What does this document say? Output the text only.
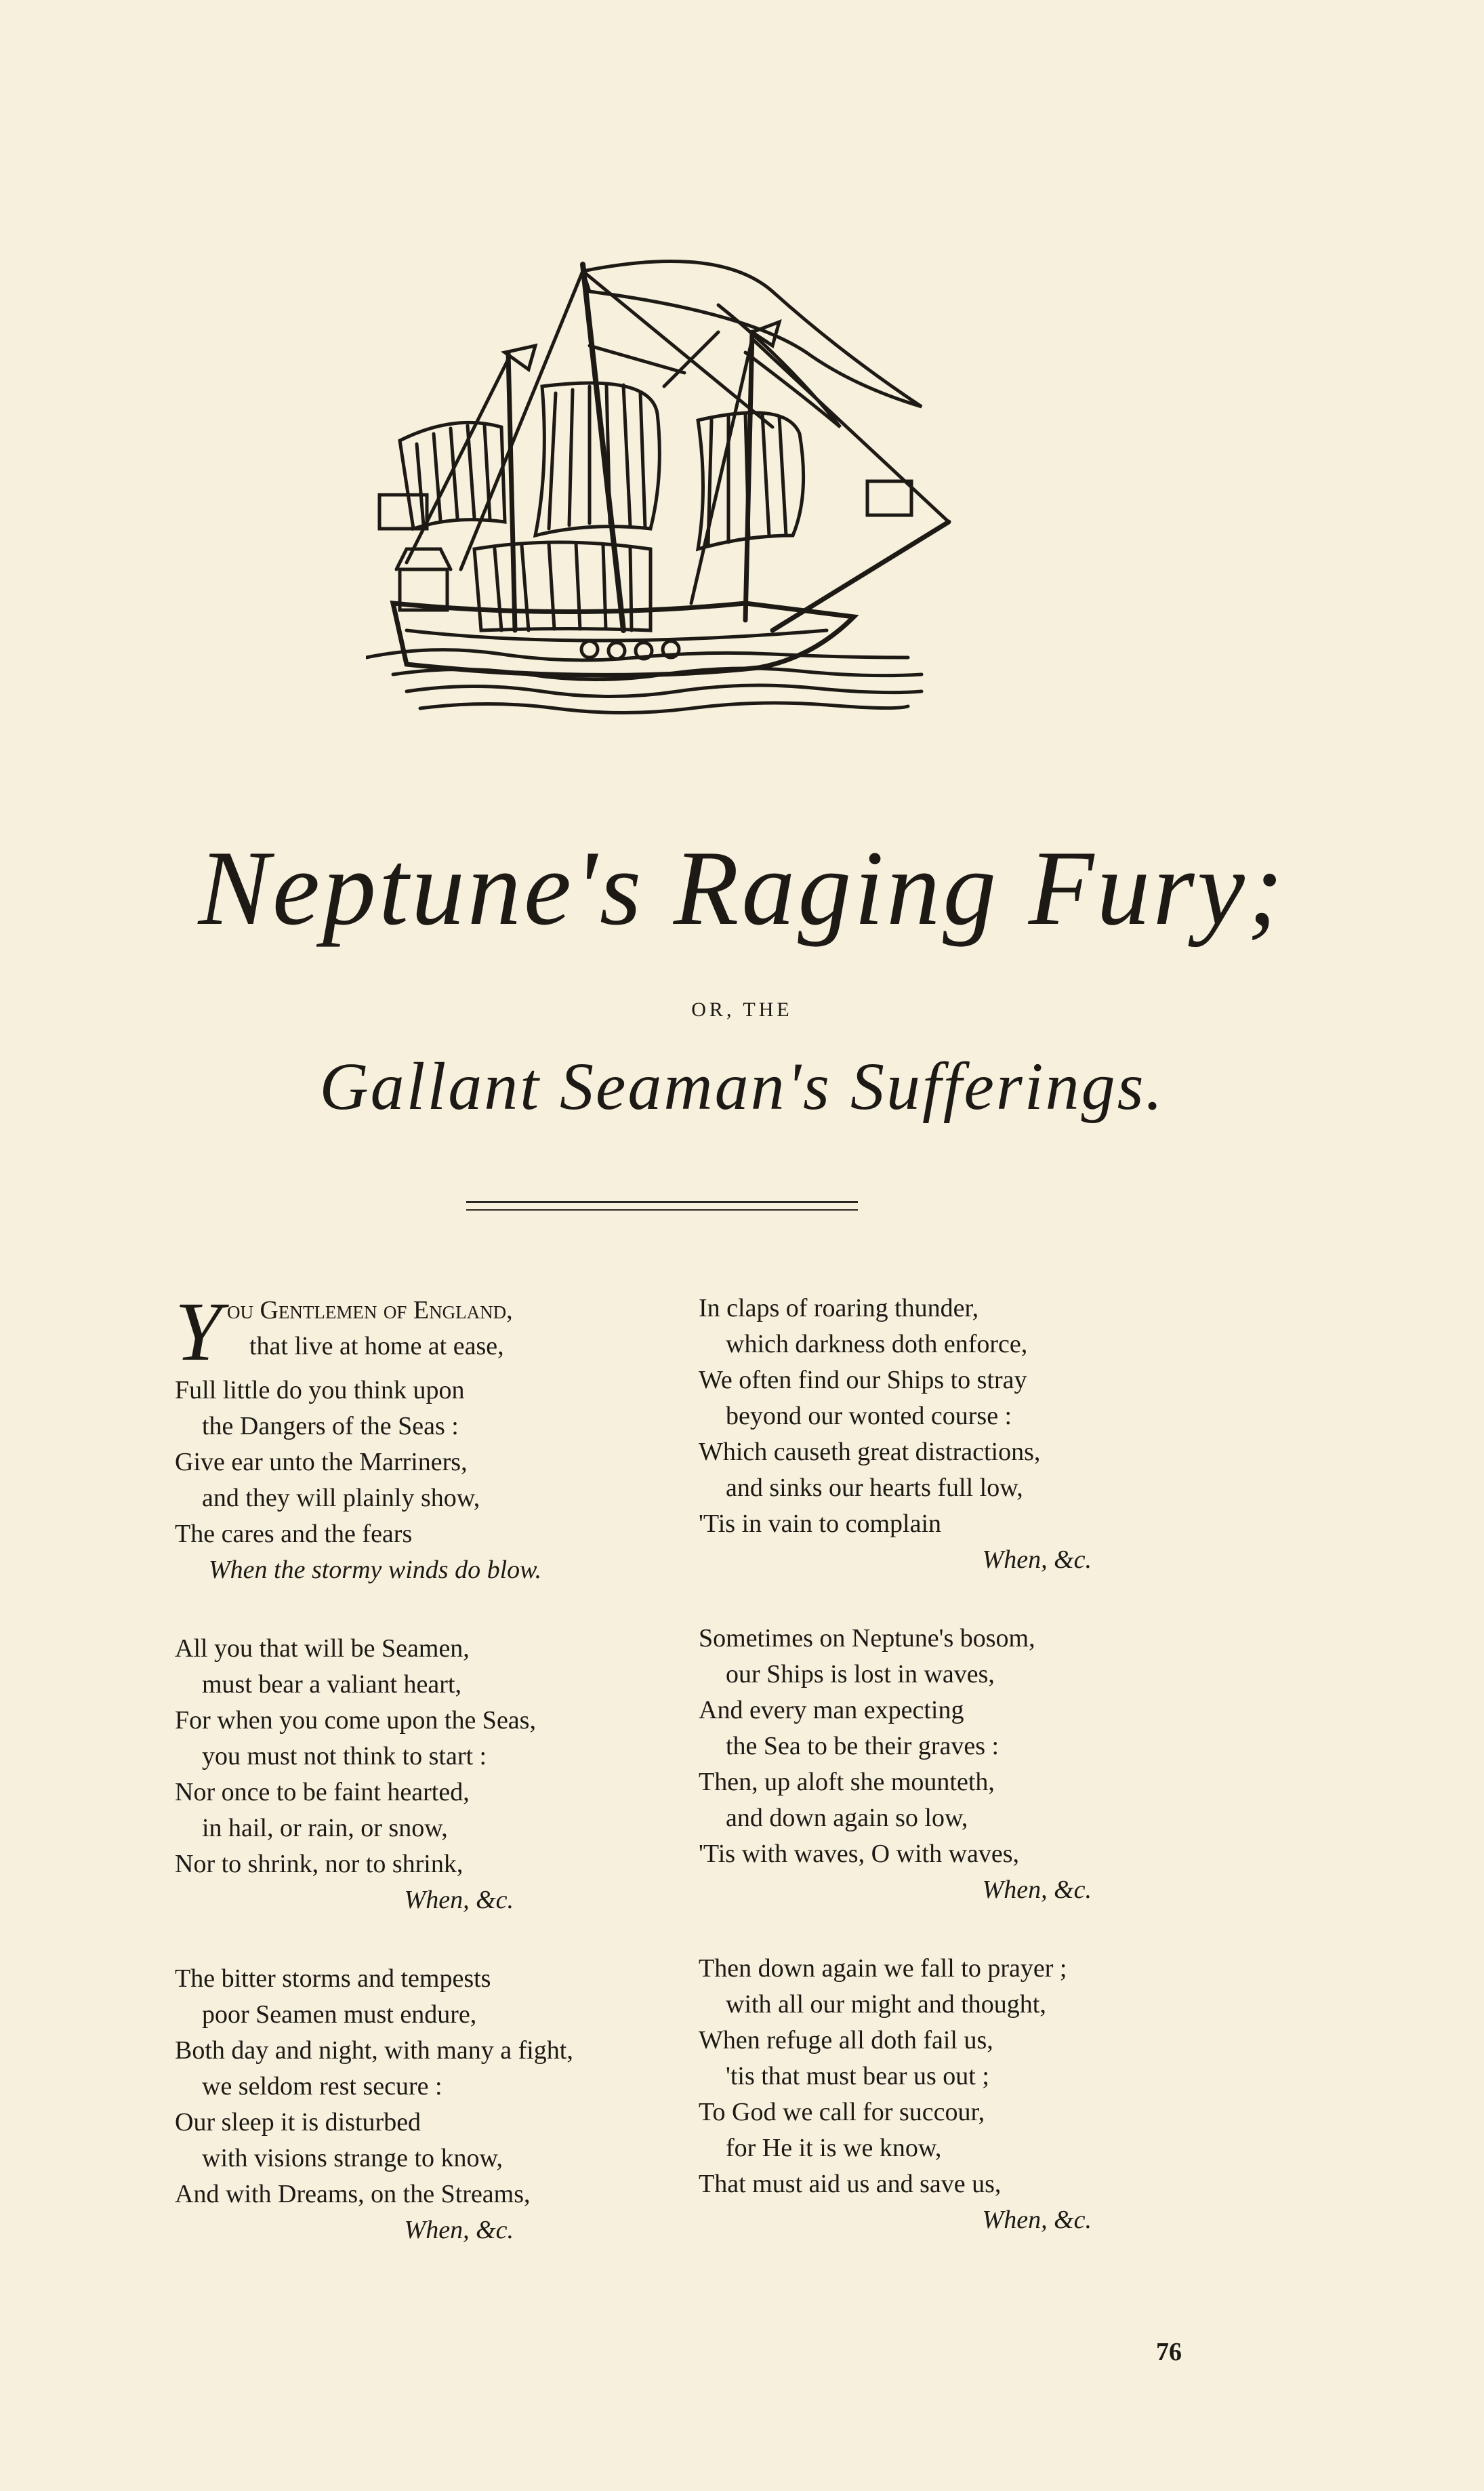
Neptune's Raging Fury;
OR, THE
Gallant Seaman's Sufferings.
Y ou Gentlemen of England,
that live at home at ease,
Full little do you think upon
the Dangers of the Seas :
Give ear unto the Marriners,
and they will plainly show,
The cares and the fears
When the stormy winds do blow.
All you that will be Seamen,
must bear a valiant heart,
For when you come upon the Seas,
you must not think to start :
Nor once to be faint hearted,
in hail, or rain, or snow,
Nor to shrink, nor to shrink,
When, &c.
The bitter storms and tempests
poor Seamen must endure,
Both day and night, with many a fight,
we seldom rest secure :
Our sleep it is disturbed
with visions strange to know,
And with Dreams, on the Streams,
When, &c.
In claps of roaring thunder,
which darkness doth enforce,
We often find our Ships to stray
beyond our wonted course :
Which causeth great distractions,
and sinks our hearts full low,
'Tis in vain to complain
When, &c.
Sometimes on Neptune's bosom,
our Ships is lost in waves,
And every man expecting
the Sea to be their graves :
Then, up aloft she mounteth,
and down again so low,
'Tis with waves, O with waves,
When, &c.
Then down again we fall to prayer ;
with all our might and thought,
When refuge all doth fail us,
'tis that must bear us out ;
To God we call for succour,
for He it is we know,
That must aid us and save us,
When, &c.
76
